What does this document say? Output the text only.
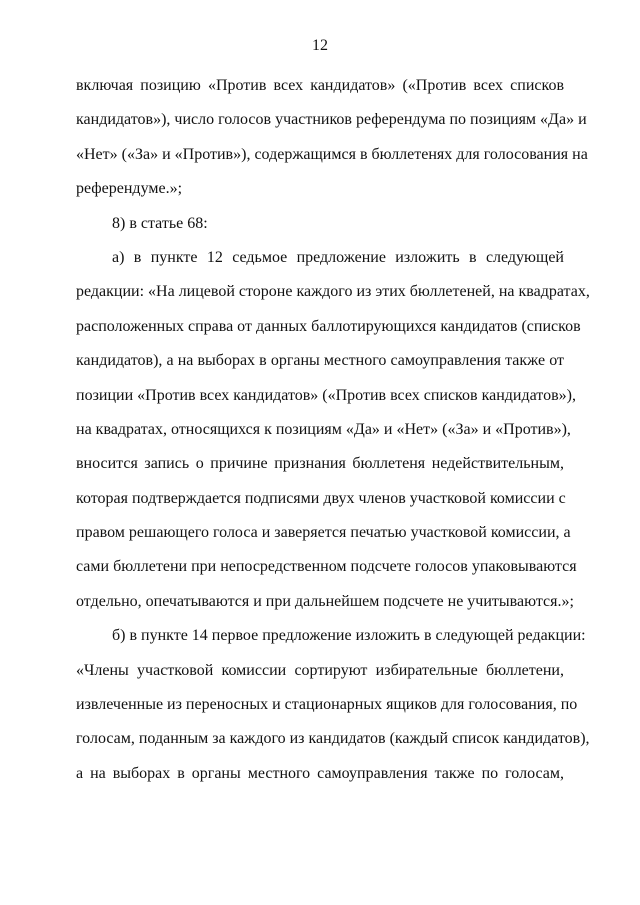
12
включая позицию «Против всех кандидатов» («Против всех списков
кандидатов»), число голосов участников референдума по позициям «Да» и
«Нет» («За» и «Против»), содержащимся в бюллетенях для голосования на
референдуме.»;
8) в статье 68:
а) в пункте 12 седьмое предложение изложить в следующей
редакции: «На лицевой стороне каждого из этих бюллетеней, на квадратах,
расположенных справа от данных баллотирующихся кандидатов (списков
кандидатов), а на выборах в органы местного самоуправления также от
позиции «Против всех кандидатов» («Против всех списков кандидатов»),
на квадратах, относящихся к позициям «Да» и «Нет» («За» и «Против»),
вносится запись о причине признания бюллетеня недействительным,
которая подтверждается подписями двух членов участковой комиссии с
правом решающего голоса и заверяется печатью участковой комиссии, а
сами бюллетени при непосредственном подсчете голосов упаковываются
отдельно, опечатываются и при дальнейшем подсчете не учитываются.»;
б) в пункте 14 первое предложение изложить в следующей редакции:
«Члены участковой комиссии сортируют избирательные бюллетени,
извлеченные из переносных и стационарных ящиков для голосования, по
голосам, поданным за каждого из кандидатов (каждый список кандидатов),
а на выборах в органы местного самоуправления также по голосам,
